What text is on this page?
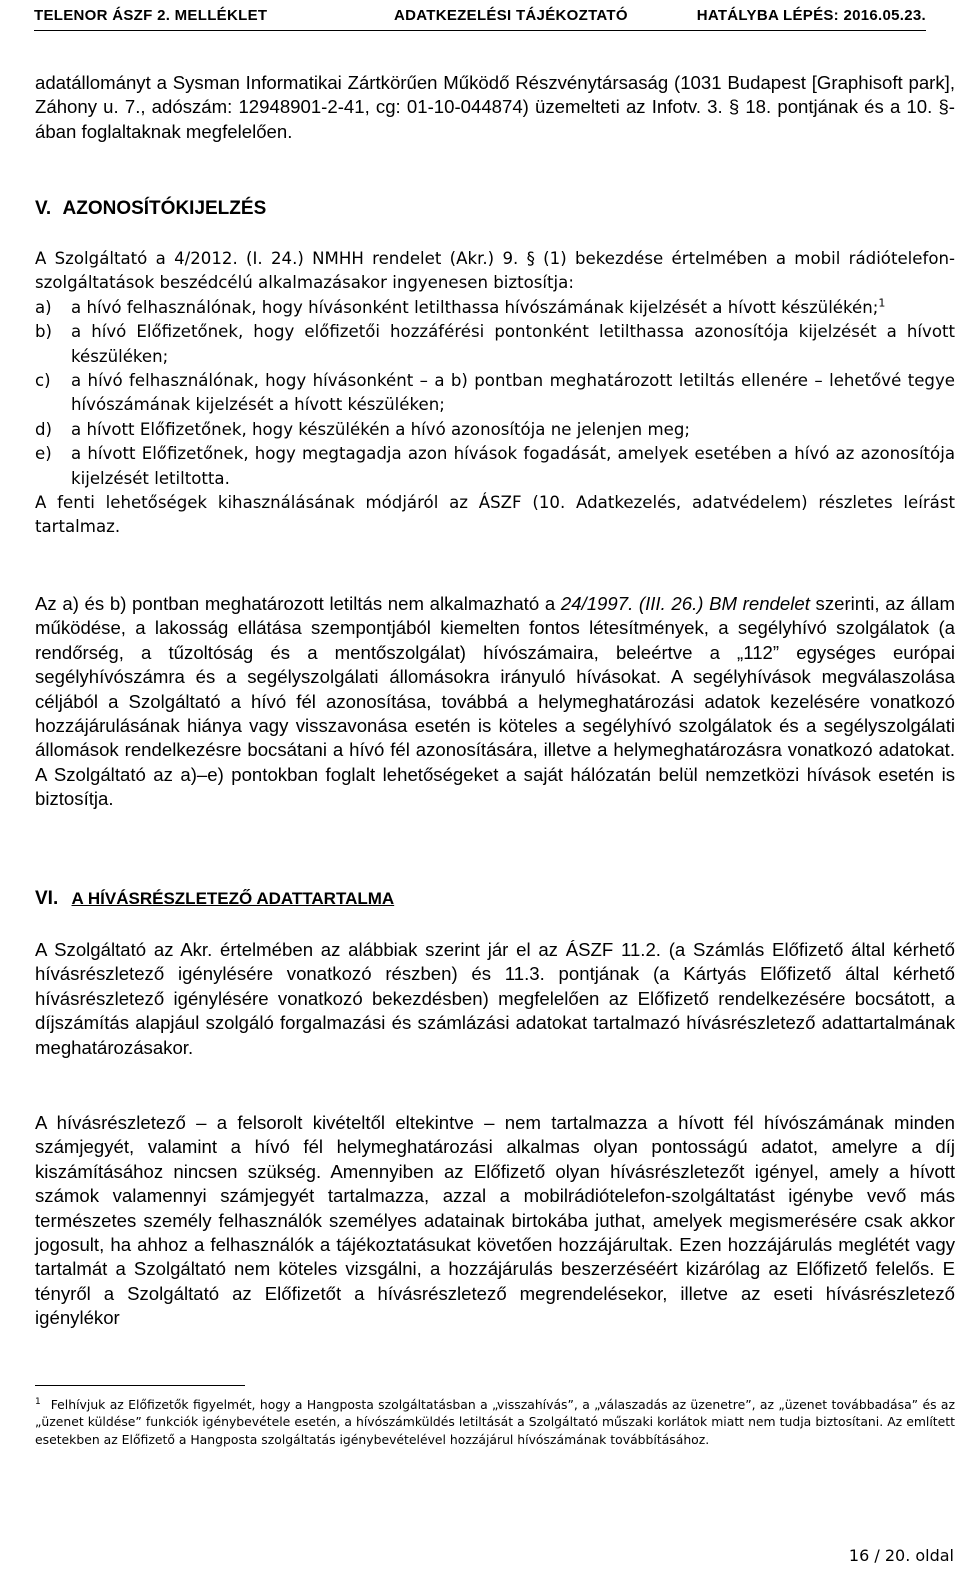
TELENOR ÁSZF 2. MELLÉKLET	ADATKEZELÉSI TÁJÉKOZTATÓ	HATÁLYBA LÉPÉS: 2016.05.23.

adatállományt a Sysman Informatikai Zártkörűen Működő Részvénytársaság (1031 Budapest [Graphisoft park], Záhony u. 7., adószám: 12948901-2-41, cg: 01-10-044874) üzemelteti az Infotv. 3. § 18. pontjának és a 10. §-ában foglaltaknak megfelelően.

V. AZONOSÍTÓKIJELZÉS

A Szolgáltató a 4/2012. (I. 24.) NMHH rendelet (Akr.) 9. § (1) bekezdése értelmében a mobil rádiótelefon-szolgáltatások beszédcélú alkalmazásakor ingyenesen biztosítja:

a) a hívó felhasználónak, hogy hívásonként letilthassa hívószámának kijelzését a hívott készülékén;$^1$
b) a hívó Előfizetőnek, hogy előfizetői hozzáférési pontonként letilthassa azonosítója kijelzését a hívott készüléken;
c) a hívó felhasználónak, hogy hívásonként – a b) pontban meghatározott letiltás ellenére – lehetővé tegye hívószámának kijelzését a hívott készüléken;
d) a hívott Előfizetőnek, hogy készülékén a hívó azonosítója ne jelenjen meg;
e) a hívott Előfizetőnek, hogy megtagadja azon hívások fogadását, amelyek esetében a hívó az azonosítója kijelzését letiltotta.

A fenti lehetőségek kihasználásának módjáról az ÁSZF (10. Adatkezelés, adatvédelem) részletes leírást tartalmaz.

Az a) és b) pontban meghatározott letiltás nem alkalmazható a 24/1997. (III. 26.) BM rendelet szerinti, az állam működése, a lakosság ellátása szempontjából kiemelten fontos létesítmények, a segélyhívó szolgálatok (a rendőrség, a tűzoltóság és a mentőszolgálat) hívószámaira, beleértve a „112” egységes európai segélyhívószámra és a segélyszolgálati állomásokra irányuló hívásokat. A segélyhívások megválaszolása céljából a Szolgáltató a hívó fél azonosítása, továbbá a helymeghatározási adatok kezelésére vonatkozó hozzájárulásának hiánya vagy visszavonása esetén is köteles a segélyhívó szolgálatok és a segélyszolgálati állomások rendelkezésre bocsátani a hívó fél azonosítására, illetve a helymeghatározásra vonatkozó adatokat. A Szolgáltató az a)–e) pontokban foglalt lehetőségeket a saját hálózatán belül nemzetközi hívások esetén is biztosítja.

VI. A HÍVÁSRÉSZLETEZŐ ADATTARTALMA

A Szolgáltató az Akr. értelmében az alábbiak szerint jár el az ÁSZF 11.2. (a Számlás Előfizető által kérhető hívásrészletező igénylésére vonatkozó részben) és 11.3. pontjának (a Kártyás Előfizető által kérhető hívásrészletező igénylésére vonatkozó bekezdésben) megfelelően az Előfizető rendelkezésére bocsátott, a díjszámítás alapjául szolgáló forgalmazási és számlázási adatokat tartalmazó hívásrészletező adattartalmának meghatározásakor.

A hívásrészletező – a felsorolt kivételtől eltekintve – nem tartalmazza a hívott fél hívószámának minden számjegyét, valamint a hívó fél helymeghatározási alkalmas olyan pontosságú adatot, amelyre a díj kiszámításához nincsen szükség. Amennyiben az Előfizető olyan hívásrészletezőt igényel, amely a hívott számok valamennyi számjegyét tartalmazza, azzal a mobilrádiótelefon-szolgáltatást igénybe vevő más természetes személy felhasználók személyes adatainak birtokába juthat, amelyek megismerésére csak akkor jogosult, ha ahhoz a felhasználók a tájékoztatásukat követően hozzájárultak. Ezen hozzájárulás meglétét vagy tartalmát a Szolgáltató nem köteles vizsgálni, a hozzájárulás beszerzéséért kizárólag az Előfizető felelős. E tényről a Szolgáltató az Előfizetőt a hívásrészletező megrendelésekor, illetve az eseti hívásrészletező igénylékor

$^1$ Felhívjuk az Előfizetők figyelmét, hogy a Hangposta szolgáltatásban a „visszahívás”, a „válaszadás az üzenetre”, az „üzenet továbbadása” és az „üzenet küldése” funkciók igénybevétele esetén, a hívószámküldés letiltását a Szolgáltató műszaki korlátok miatt nem tudja biztosítani. Az említett esetekben az Előfizető a Hangposta szolgáltatás igénybevételével hozzájárul hívószámának továbbításához.
16 / 20. oldal
